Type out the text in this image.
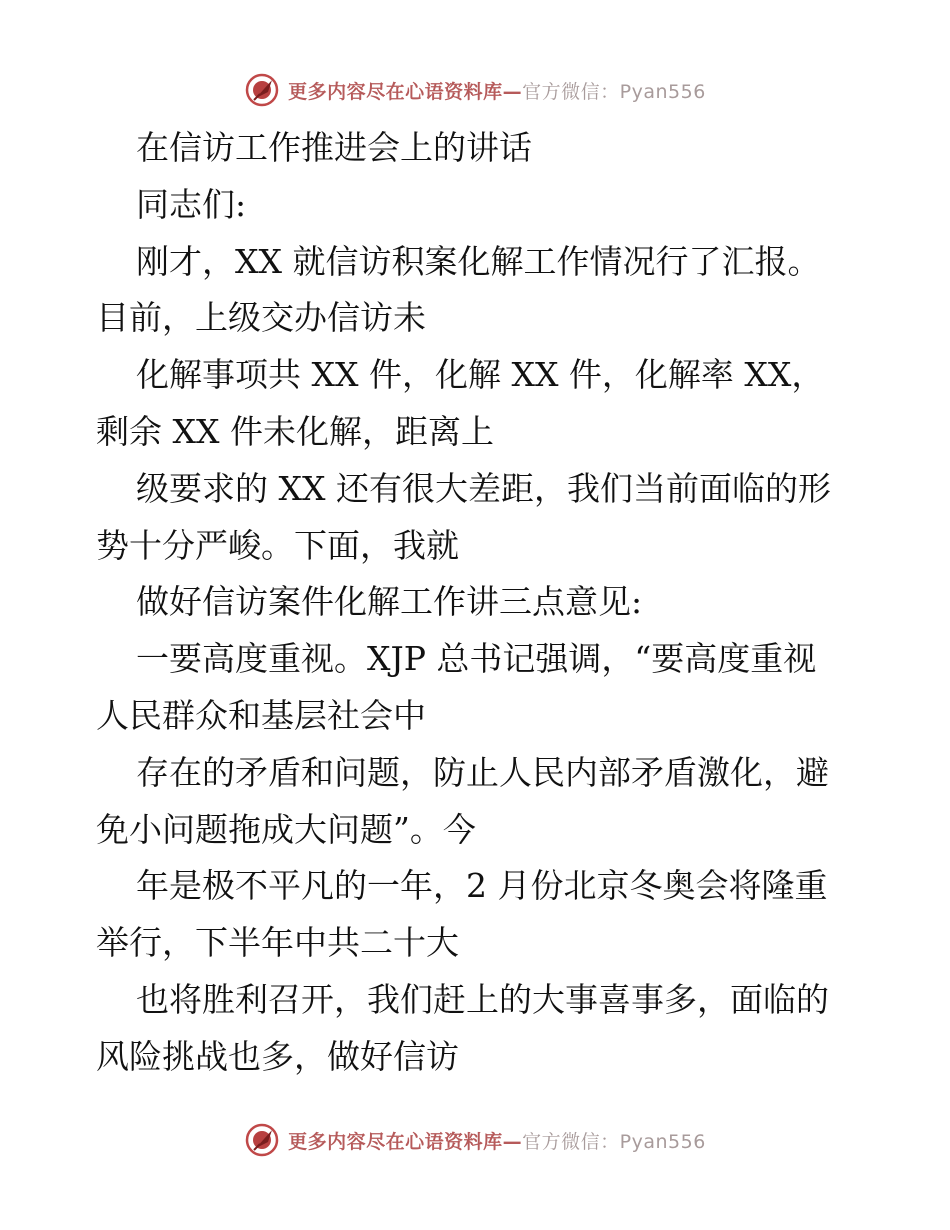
更多内容尽在心语资料库—官方微信：Pyan556
在信访工作推进会上的讲话
同志们:
刚才，XX 就信访积案化解工作情况行了汇报。
目前，上级交办信访未
化解事项共 XX 件，化解 XX 件，化解率 XX，
剩余 XX 件未化解，距离上
级要求的 XX 还有很大差距，我们当前面临的形
势十分严峻。下面，我就
做好信访案件化解工作讲三点意见:
一要高度重视。XJP 总书记强调，“要高度重视
人民群众和基层社会中
存在的矛盾和问题，防止人民内部矛盾激化，避
免小问题拖成大问题”。今
年是极不平凡的一年，2 月份北京冬奥会将隆重
举行，下半年中共二十大
也将胜利召开，我们赶上的大事喜事多，面临的
风险挑战也多，做好信访
更多内容尽在心语资料库—官方微信：Pyan556
